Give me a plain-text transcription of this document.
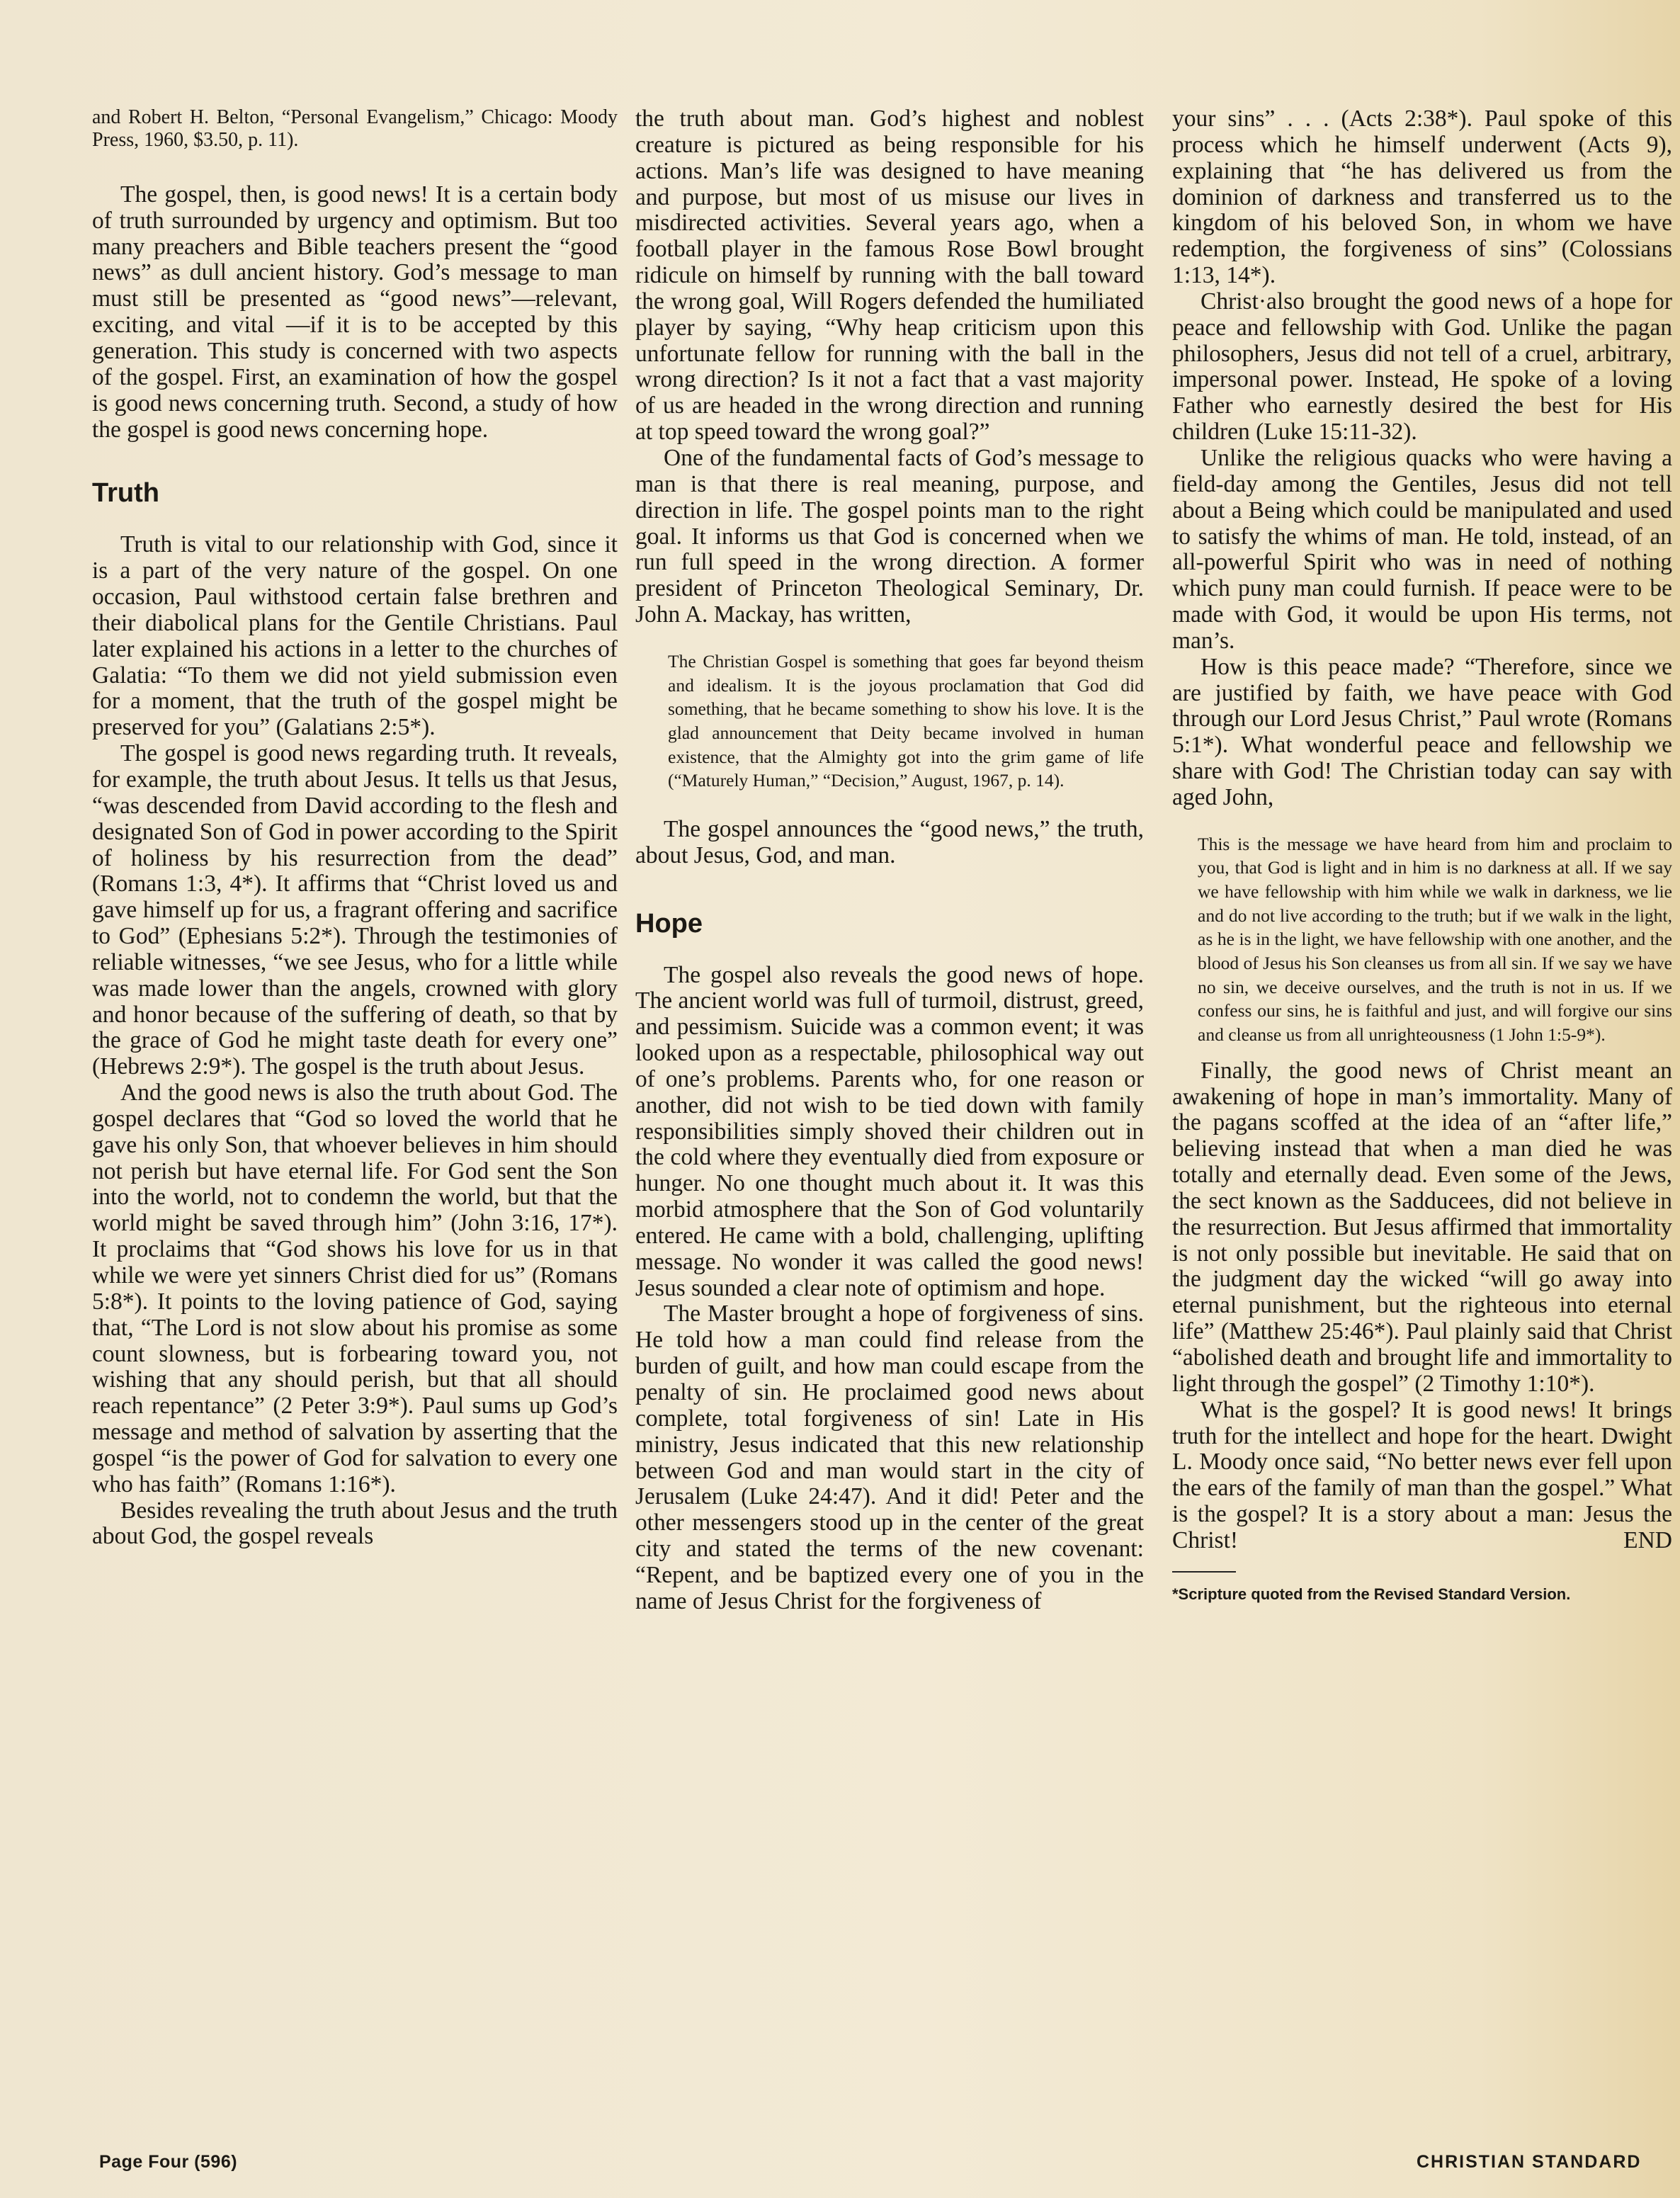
and Robert H. Belton, “Personal Evangelism,” Chicago: Moody Press, 1960, $3.50, p. 11).

The gospel, then, is good news! It is a certain body of truth surrounded by urgency and optimism. But too many preachers and Bible teachers present the “good news” as dull ancient history. God’s message to man must still be presented as “good news”—relevant, exciting, and vital —if it is to be accepted by this generation. This study is concerned with two aspects of the gospel. First, an examination of how the gospel is good news concerning truth. Second, a study of how the gospel is good news concerning hope.

Truth

Truth is vital to our relationship with God, since it is a part of the very nature of the gospel. On one occasion, Paul withstood certain false brethren and their diabolical plans for the Gentile Christians. Paul later explained his actions in a letter to the churches of Galatia: “To them we did not yield submission even for a moment, that the truth of the gospel might be preserved for you” (Galatians 2:5*).

The gospel is good news regarding truth. It reveals, for example, the truth about Jesus. It tells us that Jesus, “was descended from David according to the flesh and designated Son of God in power according to the Spirit of holiness by his resurrection from the dead” (Romans 1:3, 4*). It affirms that “Christ loved us and gave himself up for us, a fragrant offering and sacrifice to God” (Ephesians 5:2*). Through the testimonies of reliable witnesses, “we see Jesus, who for a little while was made lower than the angels, crowned with glory and honor because of the suffering of death, so that by the grace of God he might taste death for every one” (Hebrews 2:9*). The gospel is the truth about Jesus.

And the good news is also the truth about God. The gospel declares that “God so loved the world that he gave his only Son, that whoever believes in him should not perish but have eternal life. For God sent the Son into the world, not to condemn the world, but that the world might be saved through him” (John 3:16, 17*). It proclaims that “God shows his love for us in that while we were yet sinners Christ died for us” (Romans 5:8*). It points to the loving patience of God, saying that, “The Lord is not slow about his promise as some count slowness, but is forbearing toward you, not wishing that any should perish, but that all should reach repentance” (2 Peter 3:9*). Paul sums up God’s message and method of salvation by asserting that the gospel “is the power of God for salvation to every one who has faith” (Romans 1:16*).

Besides revealing the truth about Jesus and the truth about God, the gospel reveals

the truth about man. God’s highest and noblest creature is pictured as being responsible for his actions. Man’s life was designed to have meaning and purpose, but most of us misuse our lives in misdirected activities. Several years ago, when a football player in the famous Rose Bowl brought ridicule on himself by running with the ball toward the wrong goal, Will Rogers defended the humiliated player by saying, “Why heap criticism upon this unfortunate fellow for running with the ball in the wrong direction? Is it not a fact that a vast majority of us are headed in the wrong direction and running at top speed toward the wrong goal?”

One of the fundamental facts of God’s message to man is that there is real meaning, purpose, and direction in life. The gospel points man to the right goal. It informs us that God is concerned when we run full speed in the wrong direction. A former president of Princeton Theological Seminary, Dr. John A. Mackay, has written,

The Christian Gospel is something that goes far beyond theism and idealism. It is the joyous proclamation that God did something, that he became something to show his love. It is the glad announcement that Deity became involved in human existence, that the Almighty got into the grim game of life (“Maturely Human,” “Decision,” August, 1967, p. 14).

The gospel announces the “good news,” the truth, about Jesus, God, and man.

Hope

The gospel also reveals the good news of hope. The ancient world was full of turmoil, distrust, greed, and pessimism. Suicide was a common event; it was looked upon as a respectable, philosophical way out of one’s problems. Parents who, for one reason or another, did not wish to be tied down with family responsibilities simply shoved their children out in the cold where they eventually died from exposure or hunger. No one thought much about it. It was this morbid atmosphere that the Son of God voluntarily entered. He came with a bold, challenging, uplifting message. No wonder it was called the good news! Jesus sounded a clear note of optimism and hope.

The Master brought a hope of forgiveness of sins. He told how a man could find release from the burden of guilt, and how man could escape from the penalty of sin. He proclaimed good news about complete, total forgiveness of sin! Late in His ministry, Jesus indicated that this new relationship between God and man would start in the city of Jerusalem (Luke 24:47). And it did! Peter and the other messengers stood up in the center of the great city and stated the terms of the new covenant: “Repent, and be baptized every one of you in the name of Jesus Christ for the forgiveness of

your sins” . . . (Acts 2:38*). Paul spoke of this process which he himself underwent (Acts 9), explaining that “he has delivered us from the dominion of darkness and transferred us to the kingdom of his beloved Son, in whom we have redemption, the forgiveness of sins” (Colossians 1:13, 14*).

Christ·also brought the good news of a hope for peace and fellowship with God. Unlike the pagan philosophers, Jesus did not tell of a cruel, arbitrary, impersonal power. Instead, He spoke of a loving Father who earnestly desired the best for His children (Luke 15:11-32).

Unlike the religious quacks who were having a field-day among the Gentiles, Jesus did not tell about a Being which could be manipulated and used to satisfy the whims of man. He told, instead, of an all-powerful Spirit who was in need of nothing which puny man could furnish. If peace were to be made with God, it would be upon His terms, not man’s.

How is this peace made? “Therefore, since we are justified by faith, we have peace with God through our Lord Jesus Christ,” Paul wrote (Romans 5:1*). What wonderful peace and fellowship we share with God! The Christian today can say with aged John,

This is the message we have heard from him and proclaim to you, that God is light and in him is no darkness at all. If we say we have fellowship with him while we walk in darkness, we lie and do not live according to the truth; but if we walk in the light, as he is in the light, we have fellowship with one another, and the blood of Jesus his Son cleanses us from all sin. If we say we have no sin, we deceive ourselves, and the truth is not in us. If we confess our sins, he is faithful and just, and will forgive our sins and cleanse us from all unrighteousness (1 John 1:5-9*).

Finally, the good news of Christ meant an awakening of hope in man’s immortality. Many of the pagans scoffed at the idea of an “after life,” believing instead that when a man died he was totally and eternally dead. Even some of the Jews, the sect known as the Sadducees, did not believe in the resurrection. But Jesus affirmed that immortality is not only possible but inevitable. He said that on the judgment day the wicked “will go away into eternal punishment, but the righteous into eternal life” (Matthew 25:46*). Paul plainly said that Christ “abolished death and brought life and immortality to light through the gospel” (2 Timothy 1:10*).

What is the gospel? It is good news! It brings truth for the intellect and hope for the heart. Dwight L. Moody once said, “No better news ever fell upon the ears of the family of man than the gospel.” What is the gospel? It is a story about a man: Jesus the Christ!	END

*Scripture quoted from the Revised Standard Version.
Page Four (596)	CHRISTIAN STANDARD
